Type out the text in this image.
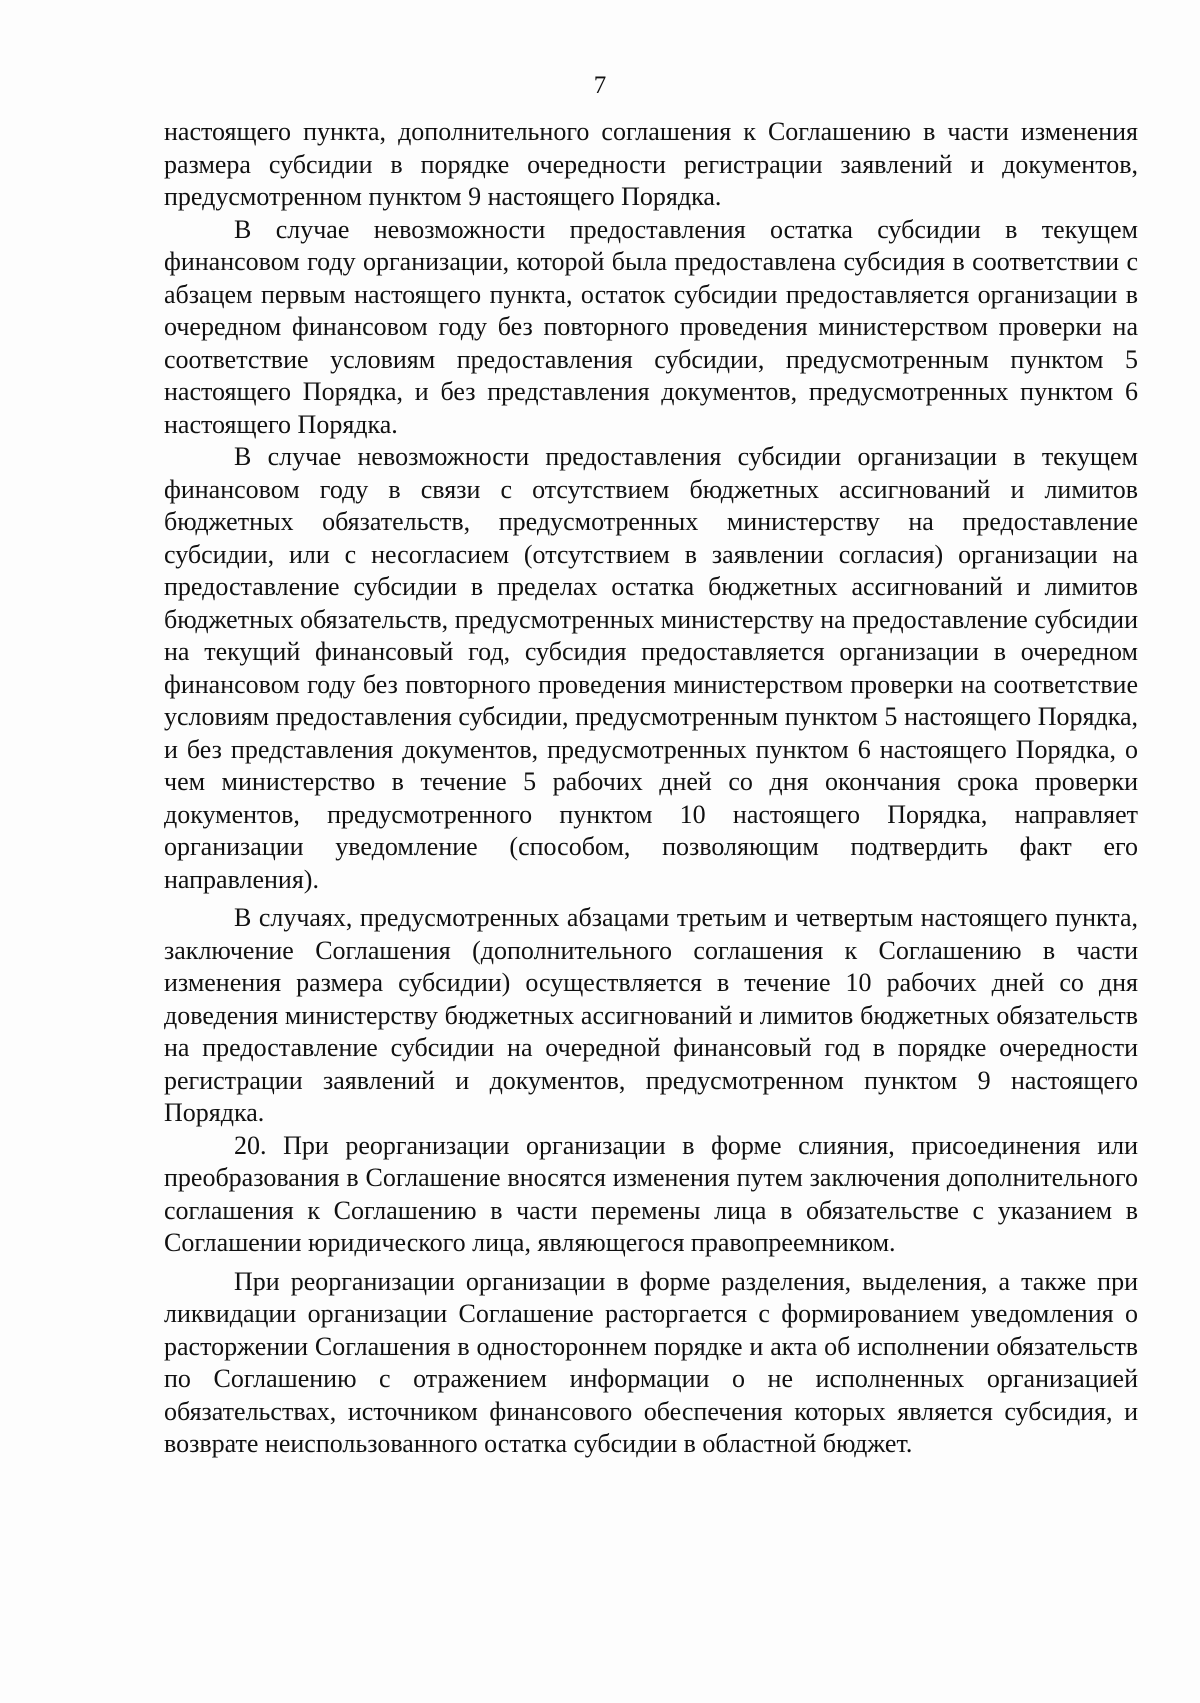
7

настоящего пункта, дополнительного соглашения к Соглашению в части изменения размера субсидии в порядке очередности регистрации заявлений и документов, предусмотренном пунктом 9 настоящего Порядка.

В случае невозможности предоставления остатка субсидии в текущем финансовом году организации, которой была предоставлена субсидия в соответствии с абзацем первым настоящего пункта, остаток субсидии предоставляется организации в очередном финансовом году без повторного проведения министерством проверки на соответствие условиям предоставления субсидии, предусмотренным пунктом 5 настоящего Порядка, и без представления документов, предусмотренных пунктом 6 настоящего Порядка.

В случае невозможности предоставления субсидии организации в текущем финансовом году в связи с отсутствием бюджетных ассигнований и лимитов бюджетных обязательств, предусмотренных министерству на предоставление субсидии, или с несогласием (отсутствием в заявлении согласия) организации на предоставление субсидии в пределах остатка бюджетных ассигнований и лимитов бюджетных обязательств, предусмотренных министерству на предоставление субсидии на текущий финансовый год, субсидия предоставляется организации в очередном финансовом году без повторного проведения министерством проверки на соответствие условиям предоставления субсидии, предусмотренным пунктом 5 настоящего Порядка, и без представления документов, предусмотренных пунктом 6 настоящего Порядка, о чем министерство в течение 5 рабочих дней со дня окончания срока проверки документов, предусмотренного пунктом 10 настоящего Порядка, направляет организации уведомление (способом, позволяющим подтвердить факт его направления).

В случаях, предусмотренных абзацами третьим и четвертым настоящего пункта, заключение Соглашения (дополнительного соглашения к Соглашению в части изменения размера субсидии) осуществляется в течение 10 рабочих дней со дня доведения министерству бюджетных ассигнований и лимитов бюджетных обязательств на предоставление субсидии на очередной финансовый год в порядке очередности регистрации заявлений и документов, предусмотренном пунктом 9 настоящего Порядка.

20. При реорганизации организации в форме слияния, присоединения или преобразования в Соглашение вносятся изменения путем заключения дополнительного соглашения к Соглашению в части перемены лица в обязательстве с указанием в Соглашении юридического лица, являющегося правопреемником.

При реорганизации организации в форме разделения, выделения, а также при ликвидации организации Соглашение расторгается с формированием уведомления о расторжении Соглашения в одностороннем порядке и акта об исполнении обязательств по Соглашению с отражением информации о не исполненных организацией обязательствах, источником финансового обеспечения которых является субсидия, и возврате неиспользованного остатка субсидии в областной бюджет.
